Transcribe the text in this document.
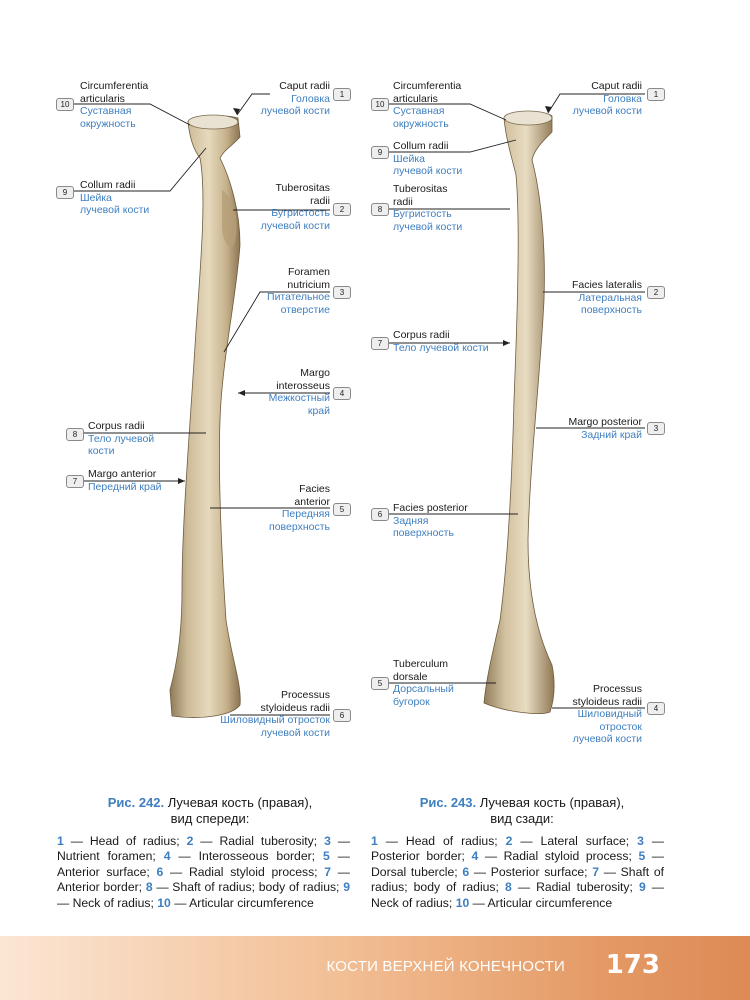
10
Circumferentia
articularis
Суставная
окружность
1
Caput radii
Головка
лучевой кости
9
Collum radii
Шейка
лучевой кости	2
Tuberositas
radii
Бугристость
лучевой кости
3
Foramen
nutricium
Питательное
отверстие
4
Margo
interosseus
Межкостный
край
8
Corpus radii
Тело лучевой
кости
7
Margo anterior
Передний край
5
Facies
anterior
Передняя
поверхность
6
Processus
styloideus radii
Шиловидный отросток
лучевой кости
10
Circumferentia
articularis
Суставная
окружность
1
Caput radii
Головка
лучевой кости
9
Collum radii
Шейка
лучевой кости
8
Tuberositas
radii
Бугристость
лучевой кости
2
Facies lateralis
Латеральная
поверхность
7
Corpus radii
Тело лучевой кости
3
Margo posterior
Задний край
6
Facies posterior
Задняя
поверхность
5
Tuberculum
dorsale
Дорсальный
бугорок
4
Processus
styloideus radii
Шиловидный
отросток
лучевой кости
Рис. 242. Лучевая кость (правая),
вид спереди:
Рис. 243. Лучевая кость (правая),
вид сзади:
1 — Head of radius; 2 — Radial tuberosity; 3 — Nutrient foramen; 4 — Interosseous border; 5 — Anterior surface; 6 — Radial styloid process; 7 — Anterior border; 8 — Shaft of radius; body of radius; 9 — Neck of radius; 10 — Articular circumference
1 — Head of radius; 2 — Lateral surface; 3 — Posterior border; 4 — Radial styloid process; 5 — Dorsal tubercle; 6 — Posterior surface; 7 — Shaft of radius; body of radius; 8 — Radial tuberosity; 9 — Neck of radius; 10 — Articular circumference
КОСТИ ВЕРХНЕЙ КОНЕЧНОСТИ 173
